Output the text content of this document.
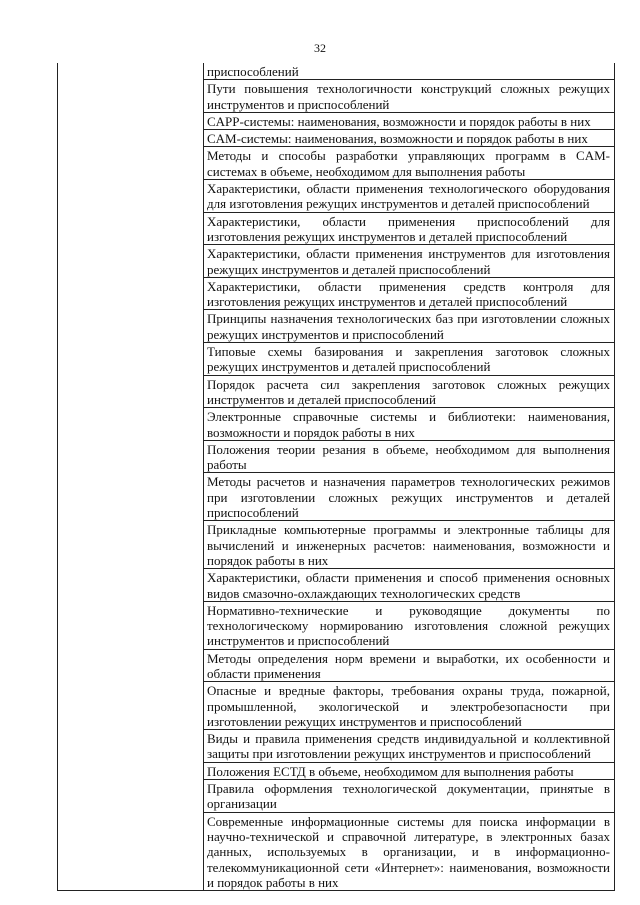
32
приспособлений
Пути повышения технологичности конструкций сложных режущих инструментов и приспособлений
CAPP-системы: наименования, возможности и порядок работы в них
CAM-системы: наименования, возможности и порядок работы в них
Методы и способы разработки управляющих программ в CAM-системах в объеме, необходимом для выполнения работы
Характеристики, области применения технологического оборудования для изготовления режущих инструментов и деталей приспособлений
Характеристики, области применения приспособлений для изготовления режущих инструментов и деталей приспособлений
Характеристики, области применения инструментов для изготовления режущих инструментов и деталей приспособлений
Характеристики, области применения средств контроля для изготовления режущих инструментов и деталей приспособлений
Принципы назначения технологических баз при изготовлении сложных режущих инструментов и приспособлений
Типовые схемы базирования и закрепления заготовок сложных режущих инструментов и деталей приспособлений
Порядок расчета сил закрепления заготовок сложных режущих инструментов и деталей приспособлений
Электронные справочные системы и библиотеки: наименования, возможности и порядок работы в них
Положения теории резания в объеме, необходимом для выполнения работы
Методы расчетов и назначения параметров технологических режимов при изготовлении сложных режущих инструментов и деталей приспособлений
Прикладные компьютерные программы и электронные таблицы для вычислений и инженерных расчетов: наименования, возможности и порядок работы в них
Характеристики, области применения и способ применения основных видов смазочно-охлаждающих технологических средств
Нормативно-технические и руководящие документы по технологическому нормированию изготовления сложной режущих инструментов и приспособлений
Методы определения норм времени и выработки, их особенности и области применения
Опасные и вредные факторы, требования охраны труда, пожарной, промышленной, экологической и электробезопасности при изготовлении режущих инструментов и приспособлений
Виды и правила применения средств индивидуальной и коллективной защиты при изготовлении режущих инструментов и приспособлений
Положения ЕСТД в объеме, необходимом для выполнения работы
Правила оформления технологической документации, принятые в организации
Современные информационные системы для поиска информации в научно-технической и справочной литературе, в электронных базах данных, используемых в организации, и в информационно-телекоммуникационной сети «Интернет»: наименования, возможности и порядок работы в них
